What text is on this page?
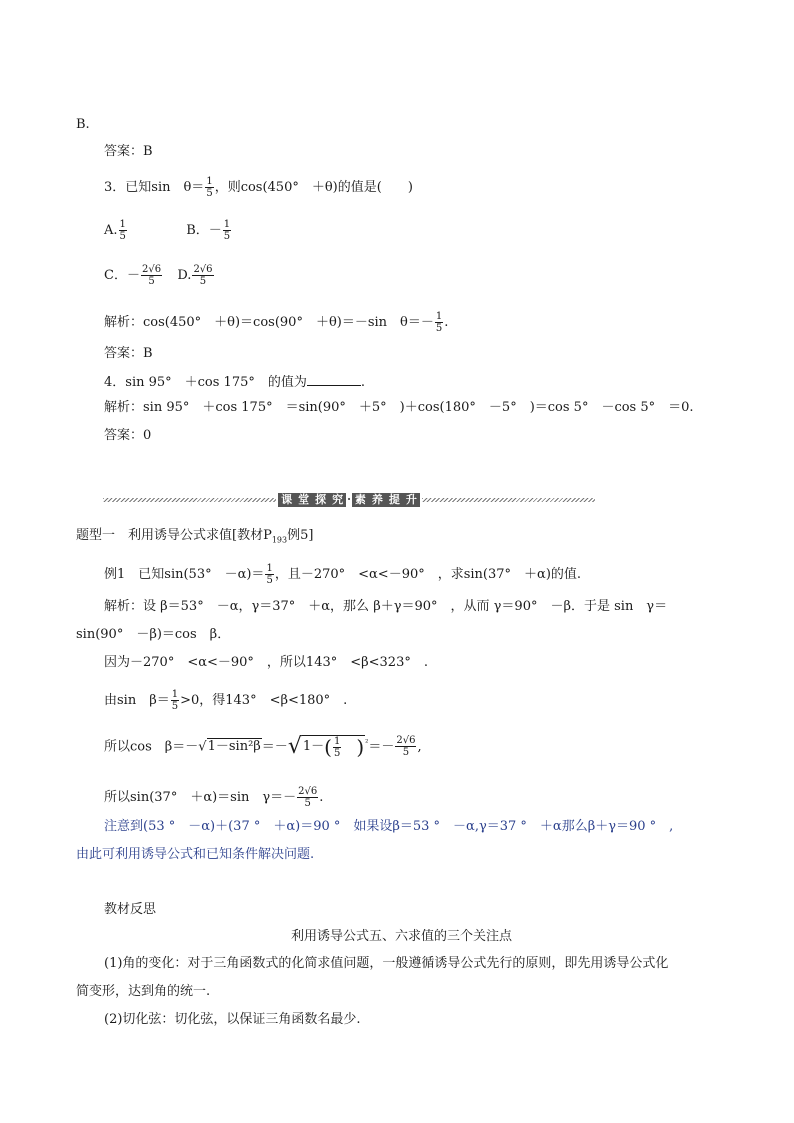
B.
答案：B
3．已知sin　$\theta= \frac{1}{5}$ ，则cos(450°　＋θ)的值是(　　)
A. $\frac{1}{5}$	B．－ $\frac{1}{5}$
C．－ $\frac{2√6}{5} D$. $\frac{2√6}{5}$
解析：cos(450°　＋θ)＝cos(90°　＋θ)＝－sin　$\theta=- \frac{1}{5}$ .
答案：B
4．sin 95°　＋cos 175°　的值为	.
解析：sin 95°　＋cos 175°　＝sin(90°　＋5°　)＋cos(180°　－5°　)＝cos 5°　－cos 5°　＝0.
答案：0
课 堂 探 究 · 素 养 提 升
题型一　利用诱导公式求值[教材$P_{193}$例5]
例1　已知sin(53°　$-\alpha)= \frac{1}{5}$ ，且－270°　<α<－90°　，求sin(37°　＋α)的值.
解析：设 β＝53°　－α，γ＝37°　＋α，那么 β＋γ＝90°　，从而 γ＝90°　－β．于是 sin　γ＝
sin(90°　－β)＝cos　β．
因为－270°　<α<－90°　，所以143°　<β<323°　.
由sin　$\beta= \frac{1}{5} >0$，得143°　<β<180°　.
所以cos　β＝－√1－sin²β＝－√ 1－ ( $\frac{1}{5}$ ) $^{^2}=- \frac{2√6}{5}$ ,
所以sin(37°　＋α)＝sin　$\gamma=- \frac{2√6}{5}$ .
注意到(53 °　－α)＋(37 °　＋α)＝90 °　如果设β＝53 °　－α,γ＝37 °　＋α那么β＋γ＝90 °　,
由此可利用诱导公式和已知条件解决问题.
教材反思
利用诱导公式五、六求值的三个关注点
(1)角的变化：对于三角函数式的化简求值问题，一般遵循诱导公式先行的原则，即先用诱导公式化
简变形，达到角的统一.
(2)切化弦：切化弦，以保证三角函数名最少.
